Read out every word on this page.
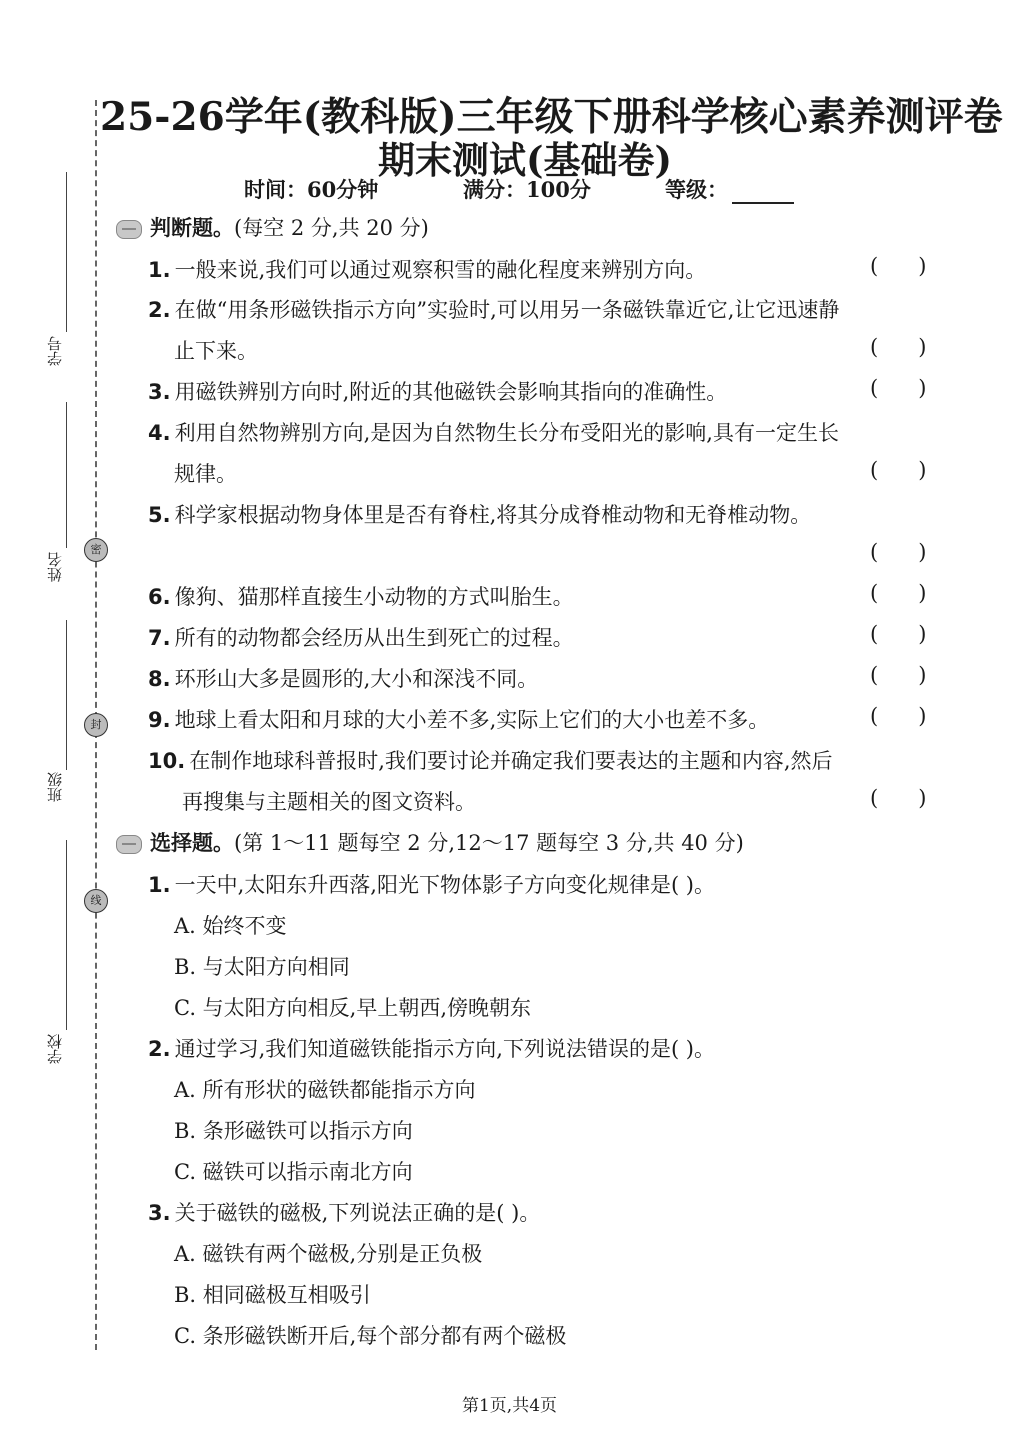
25-26学年(教科版)三年级下册科学核心素养测评卷
期末测试(基础卷)
时间：60分钟	满分：100分	等级：
学号
姓名
密
班级
封
学校
线
判断题。(每空 2 分,共 20 分)
1. 一般来说,我们可以通过观察积雪的融化程度来辨别方向。	(      )
2. 在做“用条形磁铁指示方向”实验时,可以用另一条磁铁靠近它,让它迅速静
止下来。	(      )
3. 用磁铁辨别方向时,附近的其他磁铁会影响其指向的准确性。	(      )
4. 利用自然物辨别方向,是因为自然物生长分布受阳光的影响,具有一定生长
规律。	(      )
5. 科学家根据动物身体里是否有脊柱,将其分成脊椎动物和无脊椎动物。
(      )
6. 像狗、猫那样直接生小动物的方式叫胎生。	(      )
7. 所有的动物都会经历从出生到死亡的过程。	(      )
8. 环形山大多是圆形的,大小和深浅不同。	(      )
9. 地球上看太阳和月球的大小差不多,实际上它们的大小也差不多。	(      )
10. 在制作地球科普报时,我们要讨论并确定我们要表达的主题和内容,然后
再搜集与主题相关的图文资料。	(      )
选择题。(第 1～11 题每空 2 分,12～17 题每空 3 分,共 40 分)
1. 一天中,太阳东升西落,阳光下物体影子方向变化规律是( )。
A. 始终不变
B. 与太阳方向相同
C. 与太阳方向相反,早上朝西,傍晚朝东
2. 通过学习,我们知道磁铁能指示方向,下列说法错误的是( )。
A. 所有形状的磁铁都能指示方向
B. 条形磁铁可以指示方向
C. 磁铁可以指示南北方向
3. 关于磁铁的磁极,下列说法正确的是( )。
A. 磁铁有两个磁极,分别是正负极
B. 相同磁极互相吸引
C. 条形磁铁断开后,每个部分都有两个磁极
第1页,共4页
